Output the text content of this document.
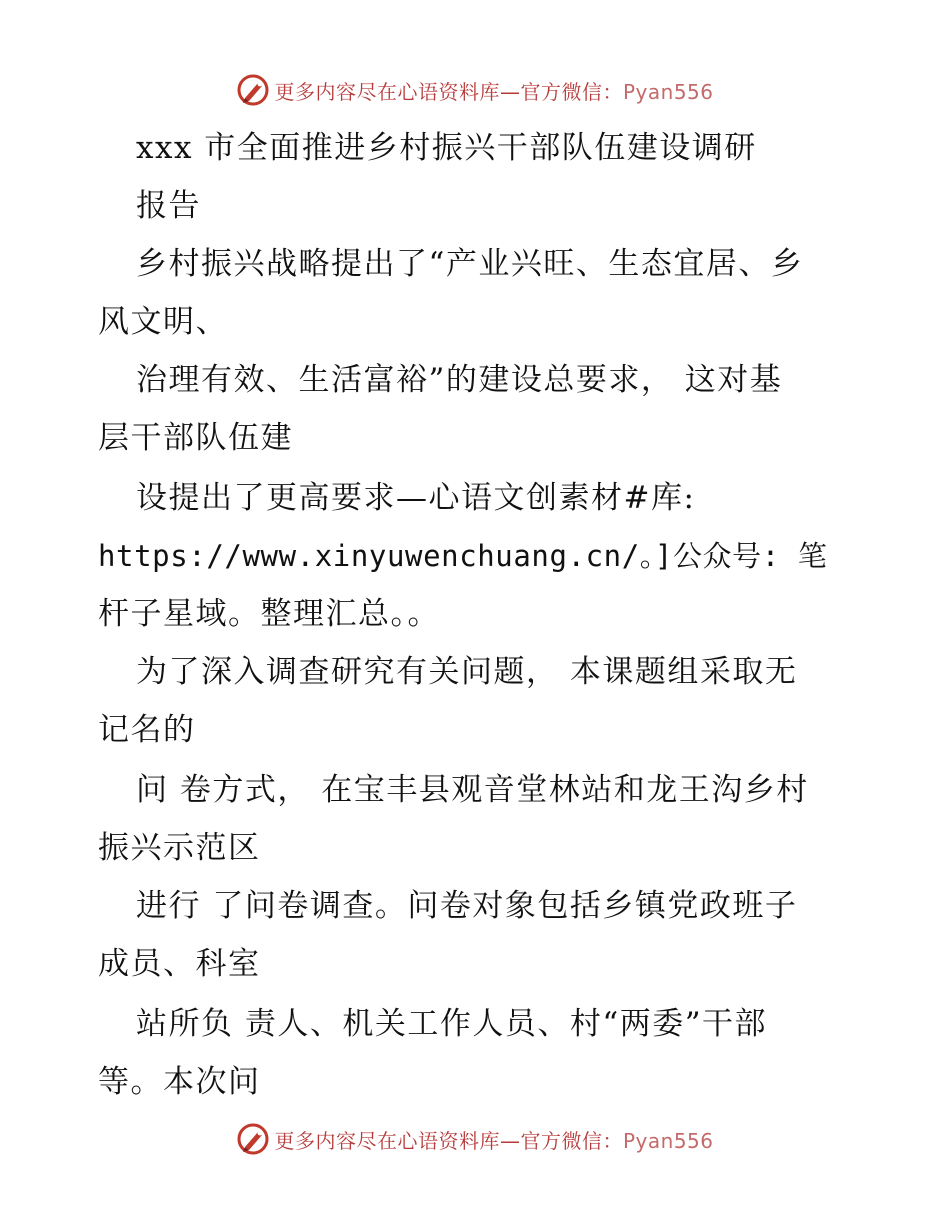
更多内容尽在心语资料库—官方微信：Pyan556
xxx 市全面推进乡村振兴干部队伍建设调研
报告
乡村振兴战略提出了“产业兴旺、生态宜居、乡
风文明、
治理有效、生活富裕”的建设总要求， 这对基
层干部队伍建
设提出了更高要求—心语文创素材#库:
https://www.xinyuwenchuang.cn/。]公众号: 笔
杆子星域。整理汇总。。
为了深入调查研究有关问题， 本课题组采取无
记名的
问 卷方式， 在宝丰县观音堂林站和龙王沟乡村
振兴示范区
进行 了问卷调查。问卷对象包括乡镇党政班子
成员、科室
站所负 责人、机关工作人员、村“两委”干部
等。本次问
更多内容尽在心语资料库—官方微信：Pyan556
